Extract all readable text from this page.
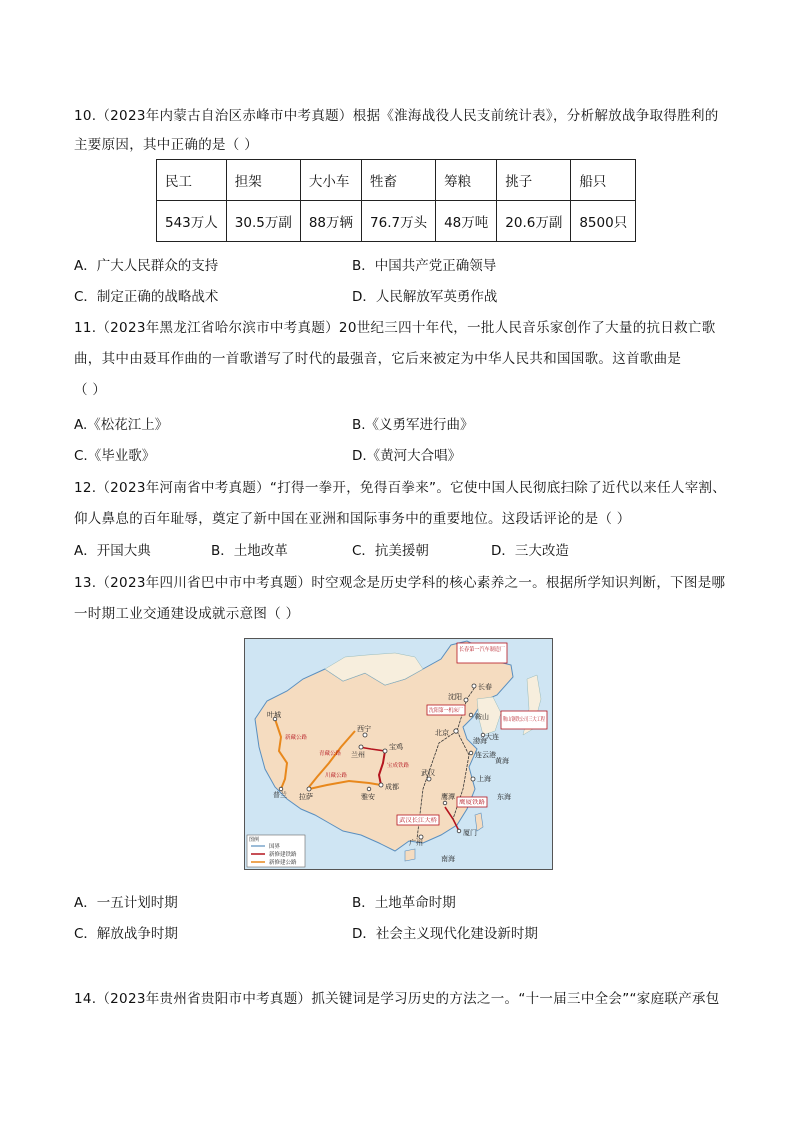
10.（2023年内蒙古自治区赤峰市中考真题）根据《淮海战役人民支前统计表》，分析解放战争取得胜利的
主要原因，其中正确的是（ ）
民工	担架	大小车	牲畜	筹粮	挑子	船只
543万人	30.5万副	88万辆	76.7万头	48万吨	20.6万副	8500只
A．广大人民群众的支持	B．中国共产党正确领导
C．制定正确的战略战术	D．人民解放军英勇作战
11.（2023年黑龙江省哈尔滨市中考真题）20世纪三四十年代，一批人民音乐家创作了大量的抗日救亡歌
曲，其中由聂耳作曲的一首歌谱写了时代的最强音，它后来被定为中华人民共和国国歌。这首歌曲是
（ ）
A.《松花江上》	B.《义勇军进行曲》
C.《毕业歌》	D.《黄河大合唱》
12.（2023年河南省中考真题）“打得一拳开，免得百拳来”。它使中国人民彻底扫除了近代以来任人宰割、
仰人鼻息的百年耻辱，奠定了新中国在亚洲和国际事务中的重要地位。这段话评论的是（ ）
A．开国大典	B．土地改革	C．抗美援朝	D．三大改造
13.（2023年四川省巴中市中考真题）时空观念是历史学科的核心素养之一。根据所学知识判断，下图是哪
一时期工业交通建设成就示意图（ ）
长春
沈阳
鞍山
北京	大连
连云港
西宁
兰州
宝鸡
成都
雅安
拉萨
武汉
上海
鹰潭
厦门
广州
叶城
普兰
新藏公路
青藏公路
川藏公路
宝成铁路
渤海
黄海
东海
南海
长春第一汽车制造厂
沈阳第一机床厂
鞍山钢铁公司三大工程
武汉长江大桥
鹰厦铁路
图例
国界
新修建铁路
新修建公路
A．一五计划时期	B．土地革命时期
C．解放战争时期	D．社会主义现代化建设新时期
14.（2023年贵州省贵阳市中考真题）抓关键词是学习历史的方法之一。“十一届三中全会”“家庭联产承包
